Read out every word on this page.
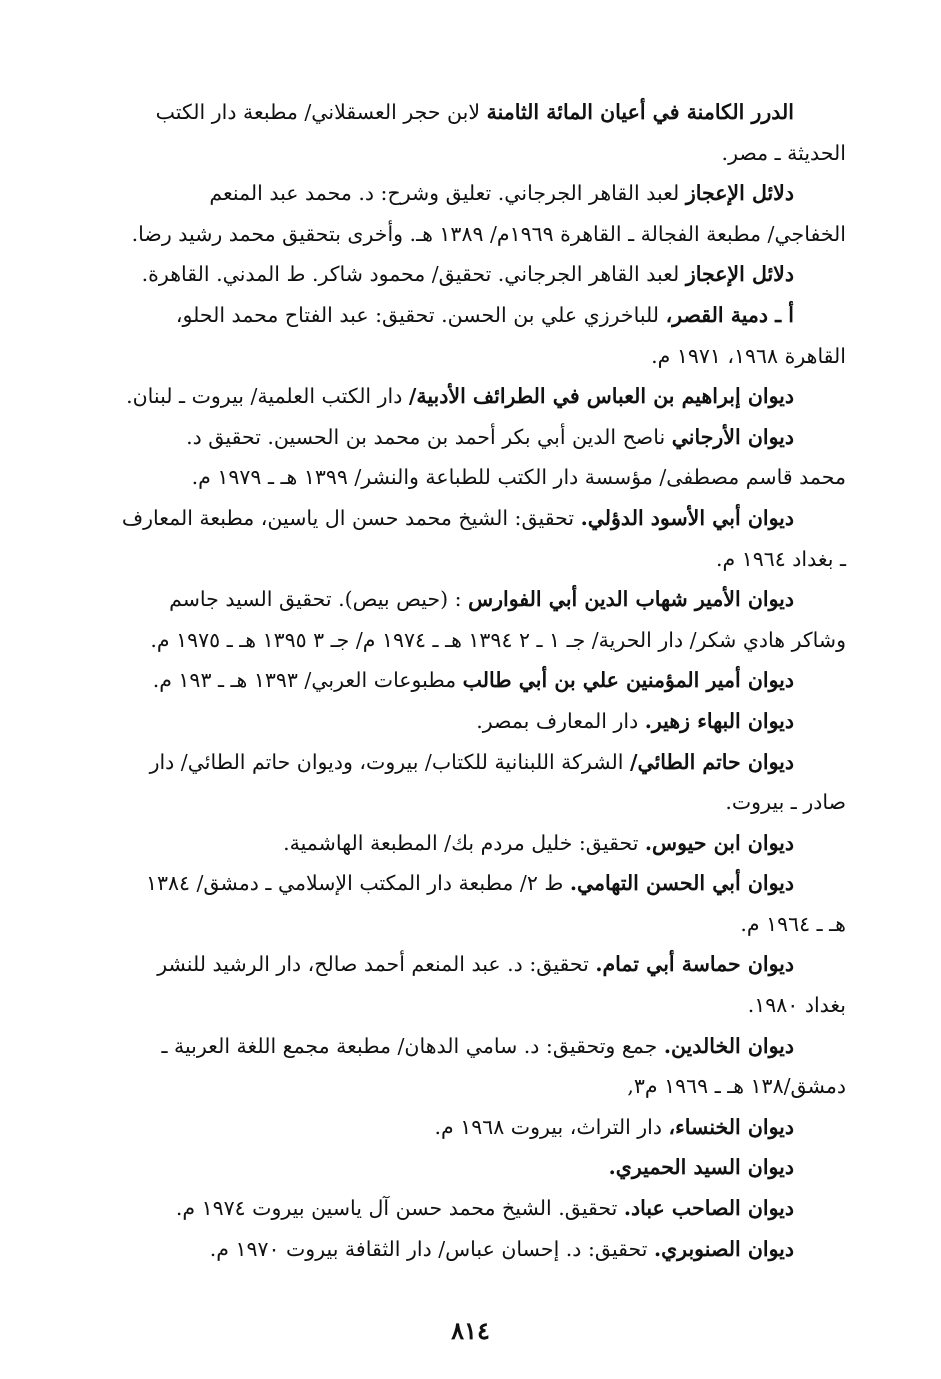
الدرر الكامنة في أعيان المائة الثامنة لابن حجر العسقلاني/ مطبعة دار الكتب
الحديثة ـ مصر.
دلائل الإعجاز لعبد القاهر الجرجاني. تعليق وشرح: د. محمد عبد المنعم
الخفاجي/ مطبعة الفجالة ـ القاهرة ١٩٦٩م/ ١٣٨٩ هـ. وأخرى بتحقيق محمد رشيد رضا.
دلائل الإعجاز لعبد القاهر الجرجاني. تحقيق/ محمود شاكر. ط المدني. القاهرة.
أ ـ دمية القصر، للباخرزي علي بن الحسن. تحقيق: عبد الفتاح محمد الحلو،
القاهرة ١٩٦٨، ١٩٧١ م.
ديوان إبراهيم بن العباس في الطرائف الأدبية/ دار الكتب العلمية/ بيروت ـ لبنان.
ديوان الأرجاني ناصح الدين أبي بكر أحمد بن محمد بن الحسين. تحقيق د.
محمد قاسم مصطفى/ مؤسسة دار الكتب للطباعة والنشر/ ١٣٩٩ هـ ـ ١٩٧٩ م.
ديوان أبي الأسود الدؤلي. تحقيق: الشيخ محمد حسن ال ياسين، مطبعة المعارف
ـ بغداد ١٩٦٤ م.
ديوان الأمير شهاب الدين أبي الفوارس : (حيص بيص). تحقيق السيد جاسم
وشاكر هادي شكر/ دار الحرية/ جـ ١ ـ ٢ ١٣٩٤ هـ ـ ١٩٧٤ م/ جـ ٣ ١٣٩٥ هـ ـ ١٩٧٥ م.
ديوان أمير المؤمنين علي بن أبي طالب مطبوعات العربي/ ١٣٩٣ هـ ـ ١٩٣ م.
ديوان البهاء زهير. دار المعارف بمصر.
ديوان حاتم الطائي/ الشركة اللبنانية للكتاب/ بيروت، وديوان حاتم الطائي/ دار
صادر ـ بيروت.
ديوان ابن حيوس. تحقيق: خليل مردم بك/ المطبعة الهاشمية.
ديوان أبي الحسن التهامي. ط ٢/ مطبعة دار المكتب الإسلامي ـ دمشق/ ١٣٨٤
هـ ـ ١٩٦٤ م.
ديوان حماسة أبي تمام. تحقيق: د. عبد المنعم أحمد صالح، دار الرشيد للنشر
بغداد ١٩٨٠.
ديوان الخالدين. جمع وتحقيق: د. سامي الدهان/ مطبعة مجمع اللغة العربية ـ
دمشق/١٣٨ هـ ـ ١٩٦٩ م٣,
ديوان الخنساء، دار التراث، بيروت ١٩٦٨ م.
ديوان السيد الحميري.
ديوان الصاحب عباد. تحقيق. الشيخ محمد حسن آل ياسين بيروت ١٩٧٤ م.
ديوان الصنوبري. تحقيق: د. إحسان عباس/ دار الثقافة بيروت ١٩٧٠ م.
٨١٤
